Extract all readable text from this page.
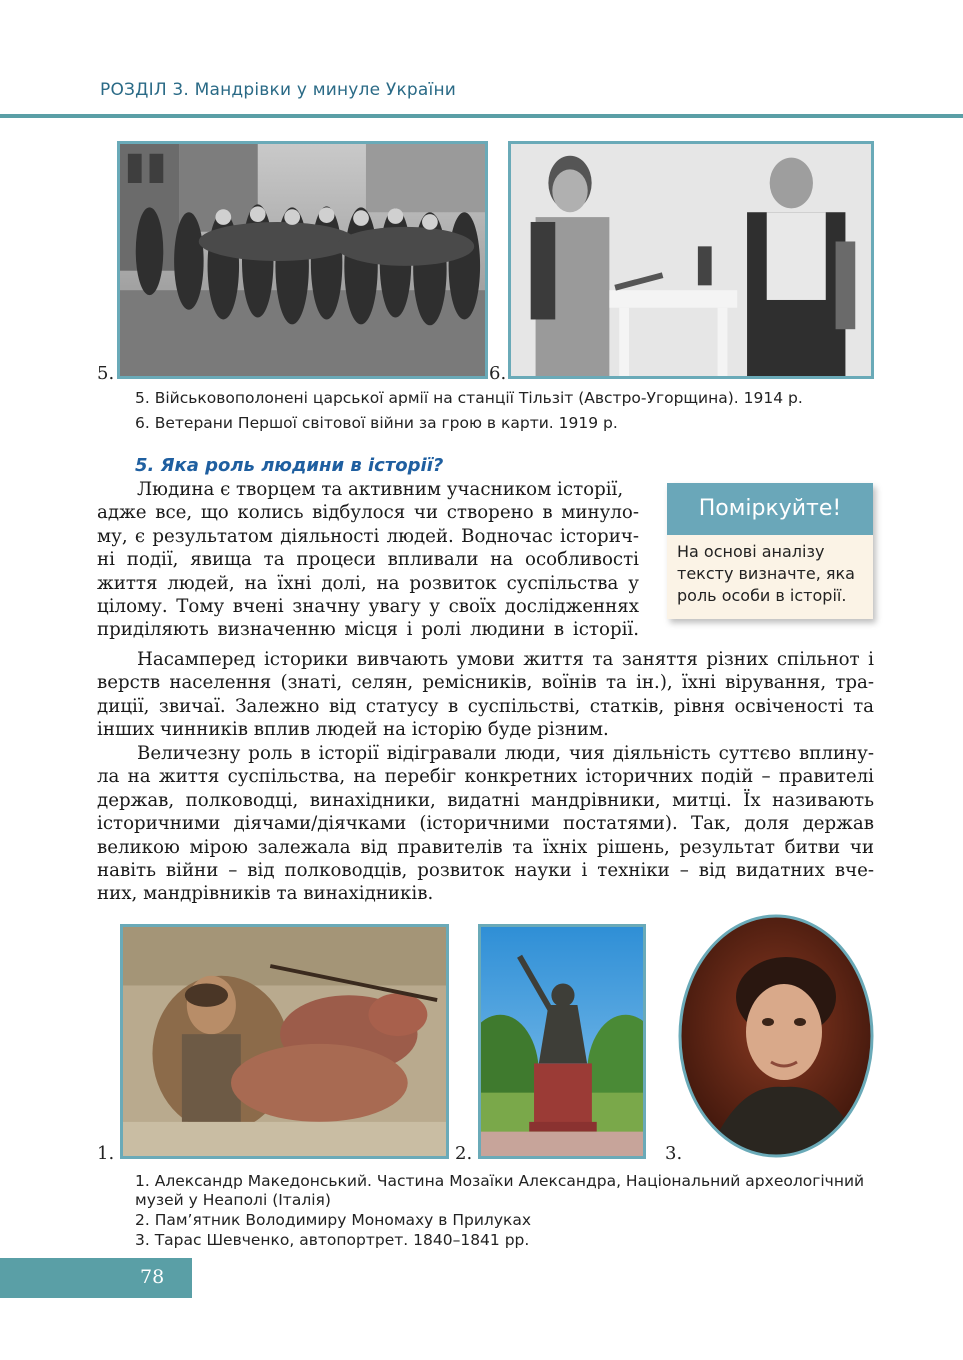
РОЗДІЛ 3. Мандрівки у минуле України
5.	6.
5. Військовополонені царської армії на станції Тільзіт (Австро-Угорщина). 1914 р.
6. Ветерани Першої світової війни за грою в карти. 1919 р.
5. Яка роль людини в історії?
Людина є творцем та активним учасником історії,
адже все, що колись відбулося чи створено в минуло-
му, є результатом діяльності людей. Водночас історич-
ні події, явища та процеси впливали на особливості
життя людей, на їхні долі, на розвиток суспільства у
цілому. Тому вчені значну увагу у своїх дослідженнях
приділяють визначенню місця і ролі людини в історії.
Поміркуйте!
На основі аналізу тексту визначте, яка роль особи в історії.
Насамперед історики вивчають умови життя та заняття різних спільнот і
верств населення (знаті, селян, ремісників, воїнів та ін.), їхні вірування, тра-
диції, звичаї. Залежно від статусу в суспільстві, статків, рівня освіченості та
інших чинників вплив людей на історію буде різним.
Величезну роль в історії відігравали люди, чия діяльність суттєво вплину-
ла на життя суспільства, на перебіг конкретних історичних подій – правителі
держав, полководці, винахідники, видатні мандрівники, митці. Їх називають
історичними діячами/діячками (історичними постатями). Так, доля держав
великою мірою залежала від правителів та їхніх рішень, результат битви чи
навіть війни – від полководців, розвиток науки і техніки – від видатних вче-
них, мандрівників та винахідників.
1.	2.	3.
1. Александр Македонський. Частина Мозаїки Александра, Національний археологічний
музей у Неаполі (Італія)
2. Пам’ятник Володимиру Мономаху в Прилуках
3. Тарас Шевченко, автопортрет. 1840–1841 рр.
78
